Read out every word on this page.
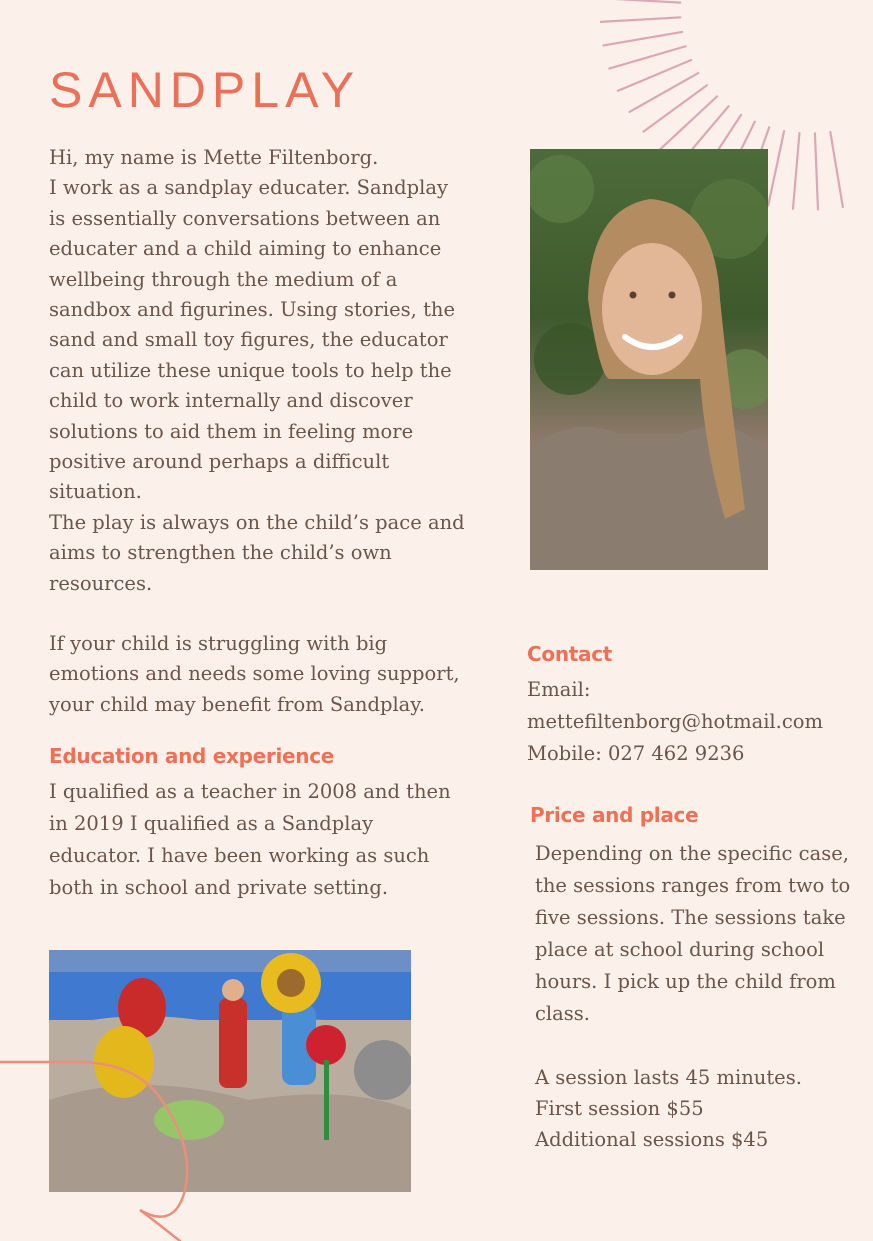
SANDPLAY

Hi, my name is Mette Filtenborg.
I work as a sandplay educater. Sandplay
is essentially conversations between an
educater and a child aiming to enhance
wellbeing through the medium of a
sandbox and figurines. Using stories, the
sand and small toy figures, the educator
can utilize these unique tools to help the
child to work internally and discover
solutions to aid them in feeling more
positive around perhaps a difficult
situation.
The play is always on the child’s pace and
aims to strengthen the child’s own
resources.

If your child is struggling with big
emotions and needs some loving support,
your child may benefit from Sandplay.

Education and experience

I qualified as a teacher in 2008 and then
in 2019 I qualified as a Sandplay
educator. I have been working as such
both in school and private setting.

Contact

Email:

mettefiltenborg@hotmail.com

Mobile: 027 462 9236

Price and place

Depending on the specific case,
the sessions ranges from two to
five sessions. The sessions take
place at school during school
hours. I pick up the child from
class.

A session lasts 45 minutes.

First session $55

Additional sessions $45
